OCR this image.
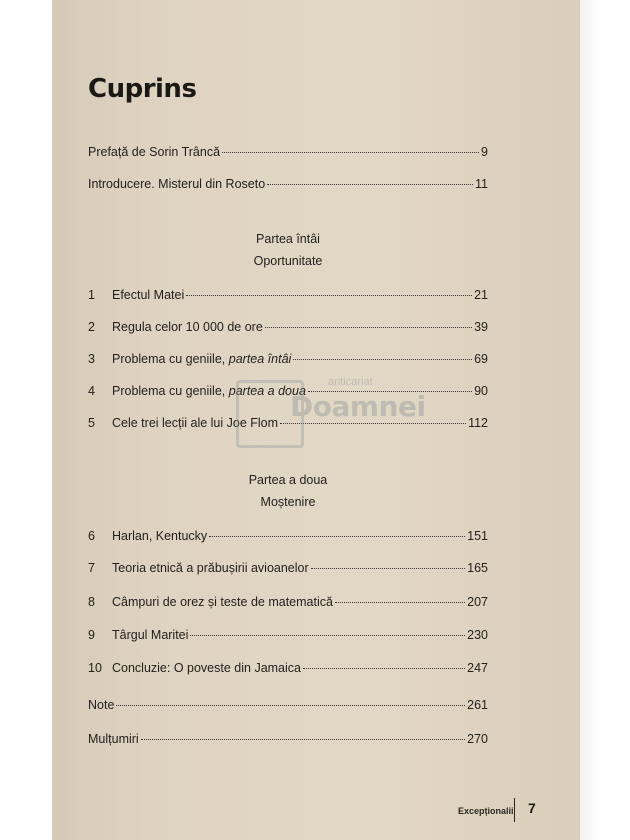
Cuprins
Prefață de Sorin Trâncă	9
Introducere. Misterul din Roseto	11
Partea întâi
Oportunitate
1	Efectul Matei	21
2	Regula celor 10 000 de ore	39
3	Problema cu geniile, partea întâi	69
4	Problema cu geniile, partea a doua	90
5	Cele trei lecții ale lui Joe Flom	112
Partea a doua
Moștenire
6	Harlan, Kentucky	151
7	Teoria etnică a prăbușirii avioanelor	165
8	Câmpuri de orez și teste de matematică	207
9	Târgul Maritei	230
10 Concluzie: O poveste din Jamaica	247
Note	261
Mulțumiri	270
Excepționalii 7
anticariat
Doamnei
